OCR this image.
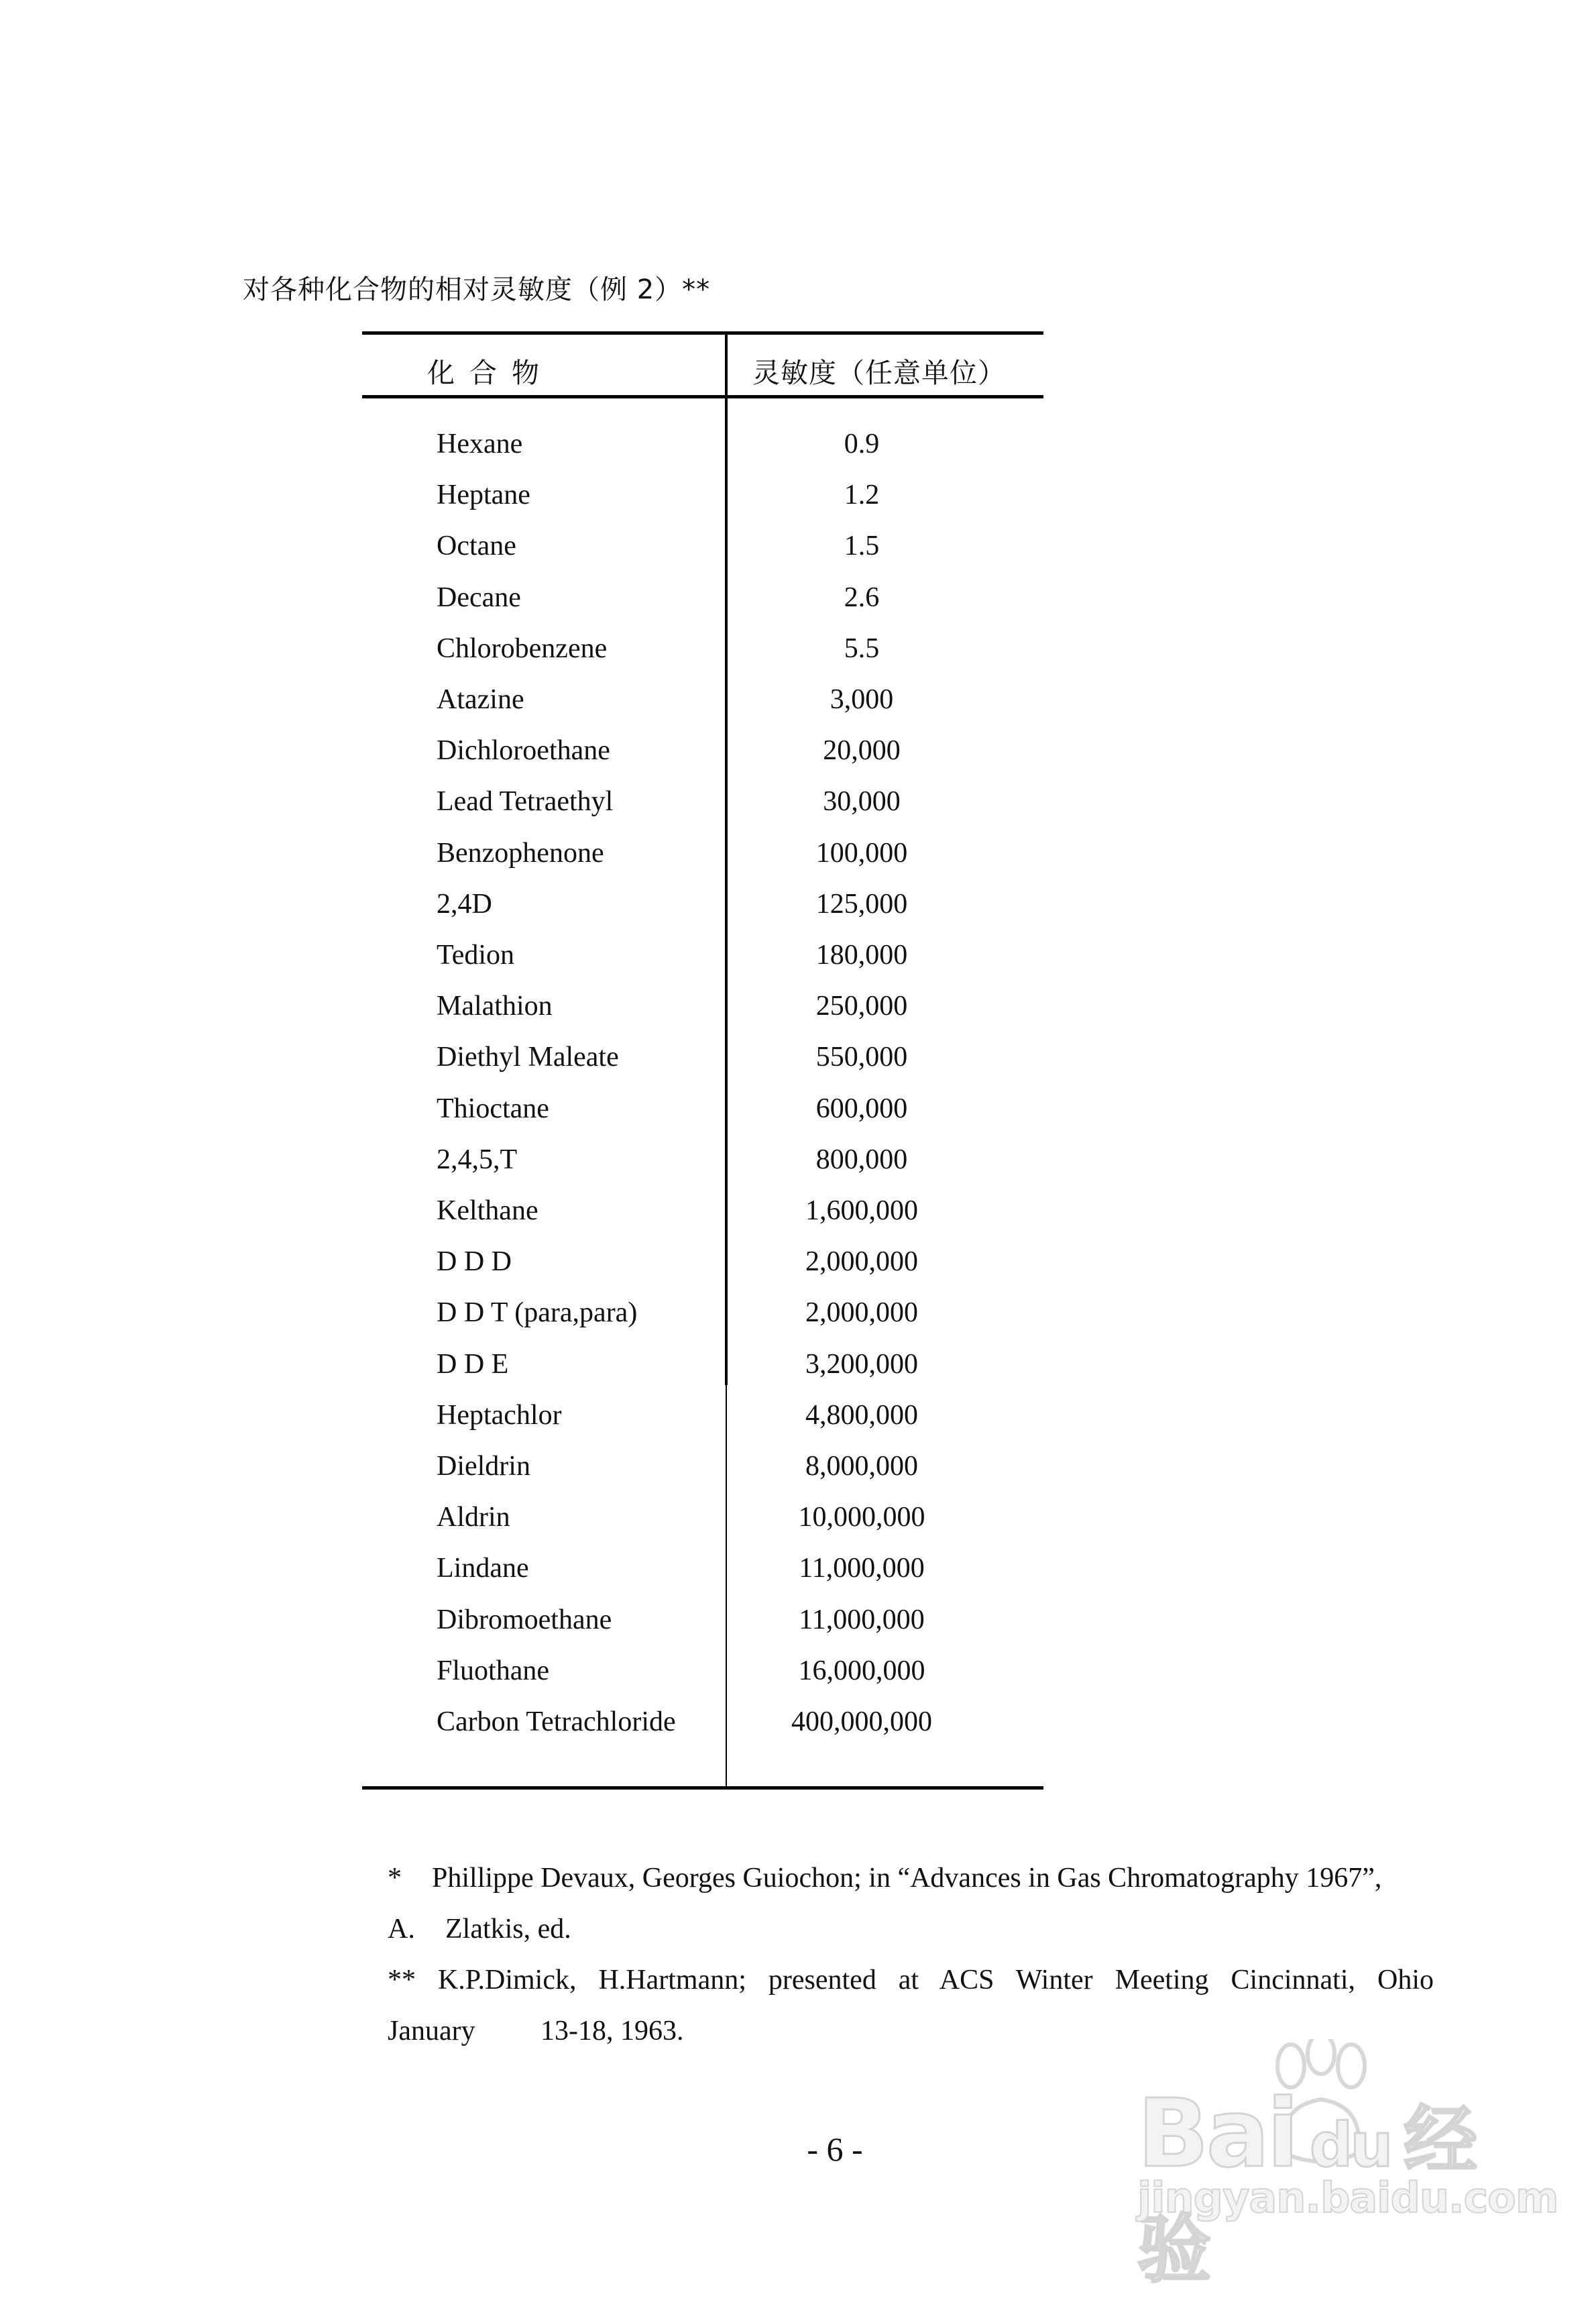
对各种化合物的相对灵敏度（例 2）**
化合物	灵敏度（任意单位）
Hexane	0.9
Heptane	1.2
Octane	1.5
Decane	2.6
Chlorobenzene	5.5
Atazine	3,000
Dichloroethane	20,000
Lead Tetraethyl	30,000
Benzophenone	100,000
2,4D	125,000
Tedion	180,000
Malathion	250,000
Diethyl Maleate	550,000
Thioctane	600,000
2,4,5,T	800,000
Kelthane	1,600,000
D D D	2,000,000
D D T (para,para)	2,000,000
D D E	3,200,000
Heptachlor	4,800,000
Dieldrin	8,000,000
Aldrin	10,000,000
Lindane	11,000,000
Dibromoethane	11,000,000
Fluothane	16,000,000
Carbon Tetrachloride	400,000,000
* Phillippe Devaux, Georges Guiochon; in “Advances in Gas Chromatography 1967”,
A. Zlatkis, ed.
** K.P.Dimick, H.Hartmann; presented at ACS Winter Meeting Cincinnati, Ohio
January 13-18, 1963.
- 6 -	Bai du 经验
jingyan.baidu.com
